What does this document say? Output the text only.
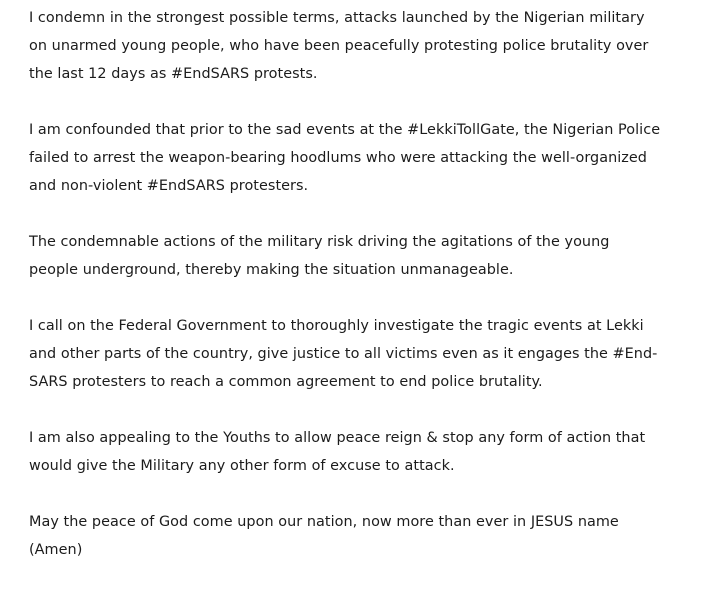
I condemn in the strongest possible terms, attacks launched by the Nigerian military
on unarmed young people, who have been peacefully protesting police brutality over
the last 12 days as #EndSARS protests.

I am confounded that prior to the sad events at the #LekkiTollGate, the Nigerian Police
failed to arrest the weapon-bearing hoodlums who were attacking the well-organized
and non-violent #EndSARS protesters.

The condemnable actions of the military risk driving the agitations of the young
people underground, thereby making the situation unmanageable.

I call on the Federal Government to thoroughly investigate the tragic events at Lekki
and other parts of the country, give justice to all victims even as it engages the #End-
SARS protesters to reach a common agreement to end police brutality.

I am also appealing to the Youths to allow peace reign & stop any form of action that
would give the Military any other form of excuse to attack.

May the peace of God come upon our nation, now more than ever in JESUS name
(Amen)
